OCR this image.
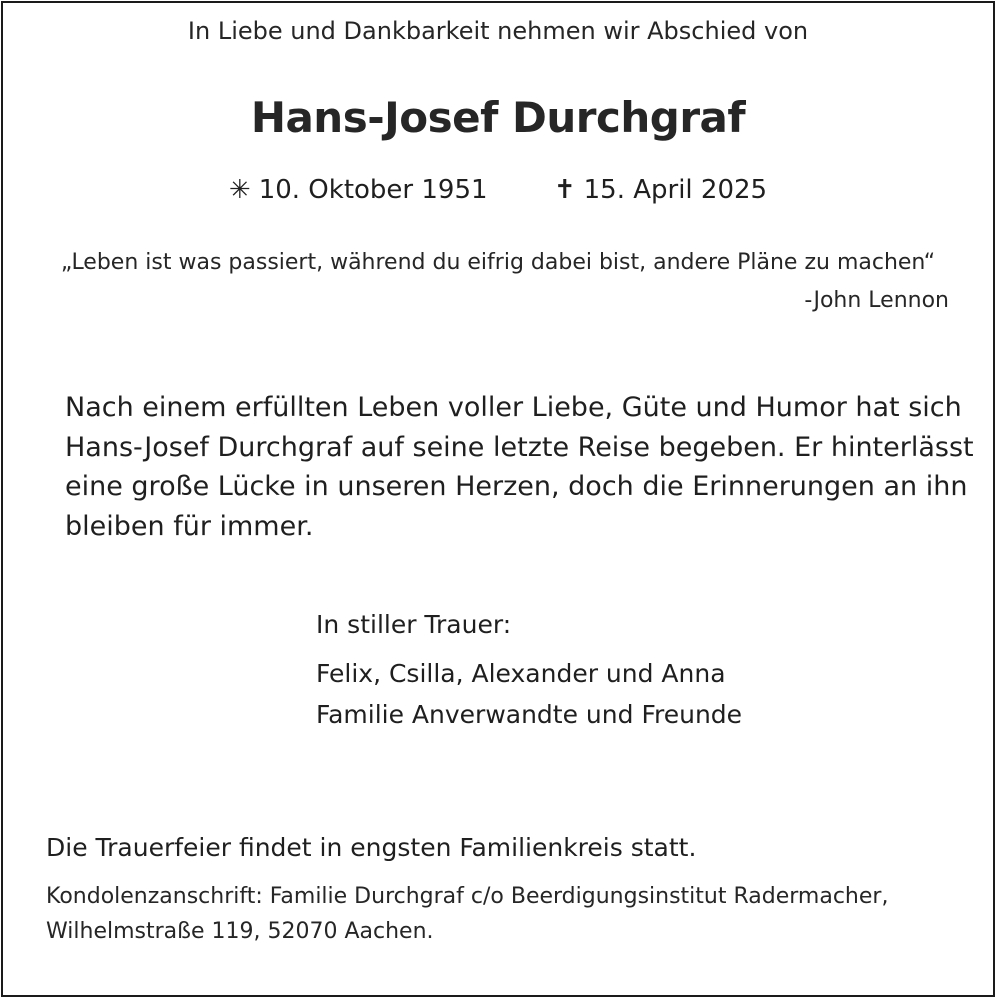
In Liebe und Dankbarkeit nehmen wir Abschied von
Hans-Josef Durchgraf
✳ 10. Oktober 1951	✝ 15. April 2025
„Leben ist was passiert, während du eifrig dabei bist, andere Pläne zu machen“
-John Lennon
Nach einem erfüllten Leben voller Liebe, Güte und Humor hat sich
Hans-Josef Durchgraf auf seine letzte Reise begeben. Er hinterlässt
eine große Lücke in unseren Herzen, doch die Erinnerungen an ihn
bleiben für immer.
In stiller Trauer:
Felix, Csilla, Alexander und Anna
Familie Anverwandte und Freunde
Die Trauerfeier findet in engsten Familienkreis statt.
Kondolenzanschrift: Familie Durchgraf c/o Beerdigungsinstitut Radermacher,
Wilhelmstraße 119, 52070 Aachen.
